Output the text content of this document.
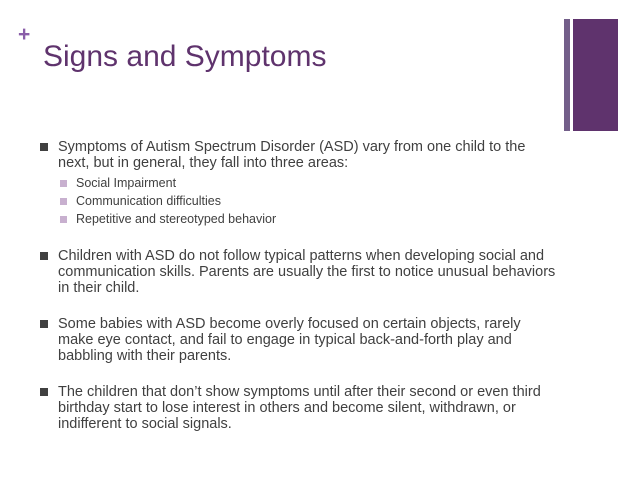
+
Signs and Symptoms
Symptoms of Autism Spectrum Disorder (ASD) vary from one child to the next, but in general, they fall into three areas:
Social Impairment
Communication difficulties
Repetitive and stereotyped behavior
Children with ASD do not follow typical patterns when developing social and communication skills. Parents are usually the first to notice unusual behaviors in their child.
Some babies with ASD become overly focused on certain objects, rarely make eye contact, and fail to engage in typical back-and-forth play and babbling with their parents.
The children that don’t show symptoms until after their second or even third birthday start to lose interest in others and become silent, withdrawn, or indifferent to social signals.
